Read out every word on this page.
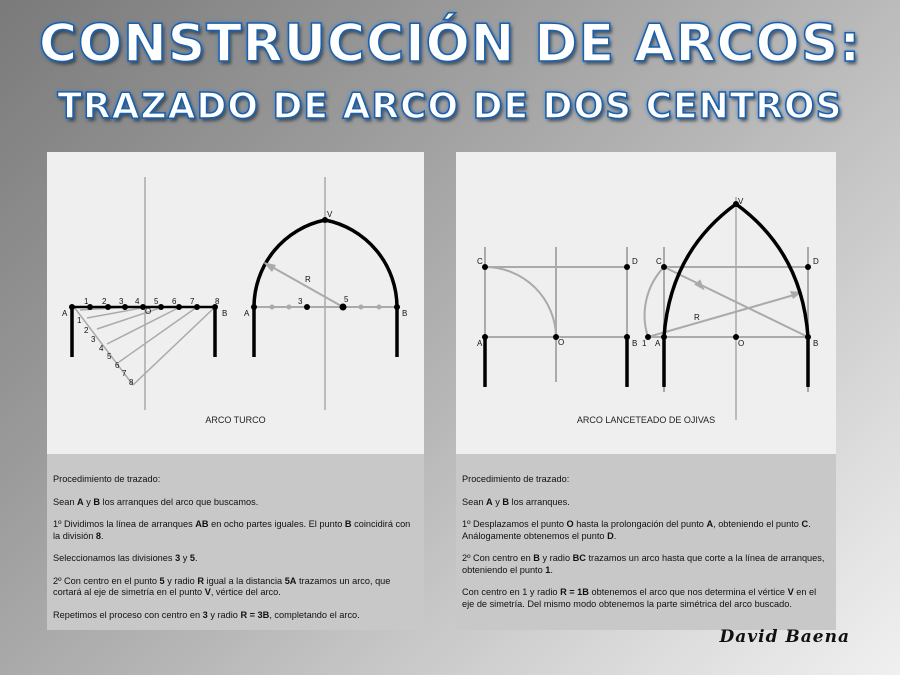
CONSTRUCCIÓN DE ARCOS:
TRAZADO DE ARCO DE DOS CENTROS
A	B
O
1 2 3 4 5 6 7	8
1
2
3
4
5
6
7
8
A	B
3	5
V
R
ARCO TURCO

Procedimiento de trazado:

Sean A y B los arranques del arco que buscamos.

1º Dividimos la línea de arranques AB en ocho partes iguales. El punto B coincidirá con la división 8.

Seleccionamos las divisiones 3 y 5.

2º Con centro en el punto 5 y radio R igual a la distancia 5A trazamos un arco, que cortará al eje de simetría en el punto V, vértice del arco.

Repetimos el proceso con centro en 3 y radio R = 3B, completando el arco.

C	D
A	O	B
C	D
1 A	O	B
V
R
ARCO LANCETEADO DE OJIVAS

Procedimiento de trazado:

Sean A y B los arranques.

1º Desplazamos el punto O hasta la prolongación del punto A, obteniendo el punto C. Análogamente obtenemos el punto D.

2º Con centro en B y radio BC trazamos un arco hasta que corte a la línea de arranques, obteniendo el punto 1.

Con centro en 1 y radio R = 1B obtenemos el arco que nos determina el vértice V en el eje de simetría. Del mismo modo obtenemos la parte simétrica del arco buscado.

David Baena
